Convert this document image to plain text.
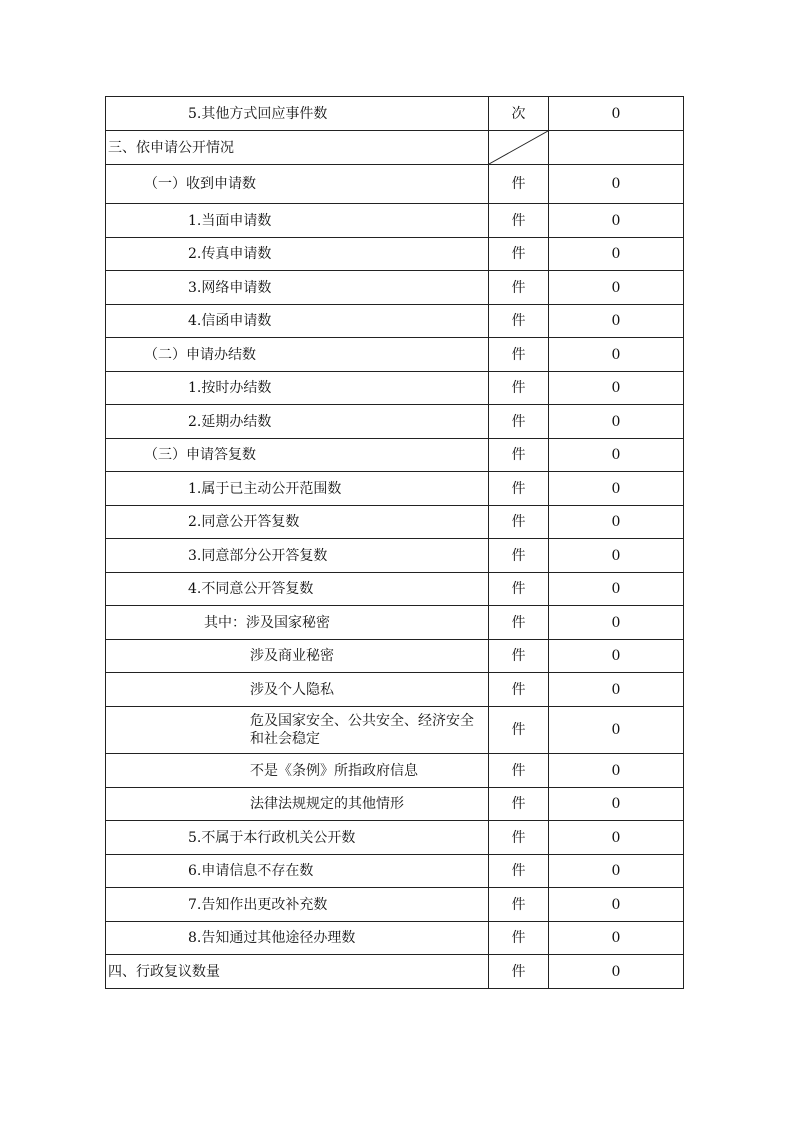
5.其他方式回应事件数	次	0
三、依申请公开情况	

（一）收到申请数	件	0
1.当面申请数	件	0
2.传真申请数	件	0
3.网络申请数	件	0
4.信函申请数	件	0
（二）申请办结数	件	0
1.按时办结数	件	0
2.延期办结数	件	0
（三）申请答复数	件	0
1.属于已主动公开范围数	件	0
2.同意公开答复数	件	0
3.同意部分公开答复数	件	0
4.不同意公开答复数	件	0
其中：涉及国家秘密	件	0
涉及商业秘密	件	0
涉及个人隐私	件	0
危及国家安全、公共安全、经济安全和社会稳定	件	0
不是《条例》所指政府信息	件	0
法律法规规定的其他情形	件	0
5.不属于本行政机关公开数	件	0
6.申请信息不存在数	件	0
7.告知作出更改补充数	件	0
8.告知通过其他途径办理数	件	0
四、行政复议数量	件	0
